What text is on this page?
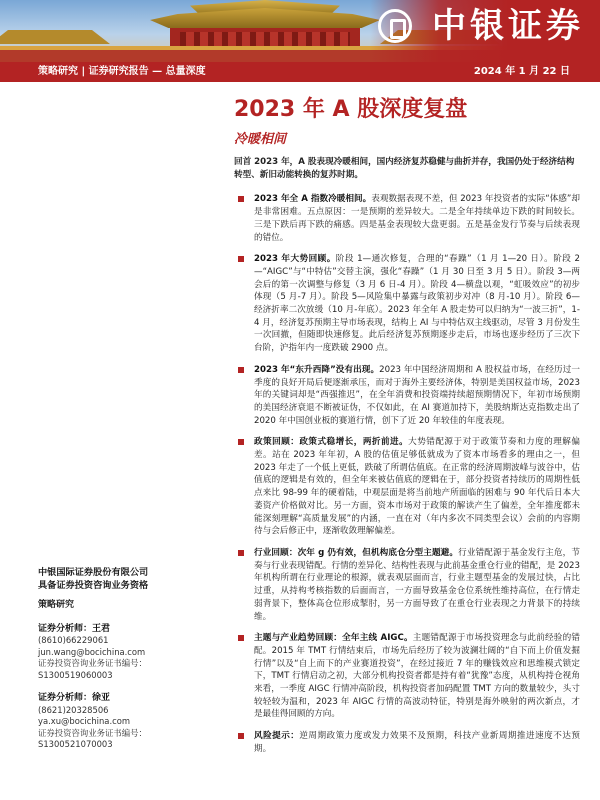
中银证券
策略研究 | 证券研究报告 — 总量深度	2024 年 1 月 22 日
2023 年 A 股深度复盘
冷暖相间
回首 2023 年，A 股表现冷暖相间，国内经济复苏稳健与曲折并存，我国仍处于经济结构转型、新旧动能转换的复苏时期。
2023 年全 A 指数冷暖相间。表观数据表现不差，但 2023 年投资者的实际“体感”却是非常困难。五点原因：一是预期的差异较大。二是全年持续单边下跌的时间较长。三是下跌后再下跌的痛感。四是基金表现较大盘更弱。五是基金发行节奏与后续表现的错位。
2023 年大势回顾。阶段 1—通次修复，合理的“春躁”（1 月 1—20 日）。阶段 2—“AIGC”与“中特估”交替主演，强化“春躁”（1 月 30 日至 3 月 5 日）。阶段 3—两会后的第一次调整与修复（3 月 6 日-4 月）。阶段 4—横盘以观，“虹吸效应”的初步体现（5 月-7 月）。阶段 5—风险集中暴露与政策初步对冲（8 月-10 月）。阶段 6—经济折率二次放缓（10 月-年底）。2023 年全年 A 股走势可以归纳为“一波三折”，1-4 月，经济复苏预期主导市场表现，结构上 AI 与中特估双主线驱动，尽管 3 月份发生一次回撤，但随即快速修复。此后经济复苏预期逐步走后，市场也逐步经历了三次下台阶，沪指年内一度跌破 2900 点。
2023 年“东升西降”没有出现。2023 年中国经济周期和 A 股权益市场，在经历过一季度的良好开局后便逐渐承压，而对于海外主要经济体，特别是美国权益市场，2023 年的关键词却是“西强推迟”，在全年消费和投资端持续超预期情况下，年初市场预期的美国经济衰退不断被证伪，不仅如此，在 AI 赛道加持下，美股纳斯达克指数走出了 2020 年中国创业板的赛道行情，创下了近 20 年较佳的年度表现。
政策回顾：政策式稳增长，两折前进。大势错配源于对于政策节奏和力度的理解偏差。站在 2023 年年初，A 股的估值足够低就成为了资本市场看多的理由之一，但 2023 年走了一个低上更低，跌破了所谓估值底。在正常的经济周期波峰与波谷中，估值底的逻辑是有效的，但全年来被估值底的逻辑在于，部分投资者持续历的周期性低点来比 98-99 年的硬着陆，中观层面是将当前地产所面临的困难与 90 年代后日本大萎资产价格做对比。另一方面，资本市场对于政策的解读产生了偏差，全年推度都未能深刻理解“高质量发展”的内涵，一直在对（年内多次不同类型会议）会前的内容期待与会后修正中，逐渐收敛理解偏差。
行业回顾：次年 g 仍有效，但机构底仓分型主题避。行业错配源于基金发行主危，节奏与行业表现错配。行情的差异化、结构性表现与此前基金重仓行业的错配，是 2023 年机构所谓在行业理论的根源，就表观层面而言，行业主题型基金的发展过快，占比过重，从持构考核指数的后面而言，一方面导致基金仓位系统性维持高位，在行情走弱背景下，整体高仓位形成掣肘，另一方面导致了在重仓行业表现之力背景下的持续维。
主题与产业趋势回顾：全年主线 AIGC。主题错配源于市场投资理念与此前经验的错配。2015 年 TMT 行情结束后，市场先后经历了较为波澜壮阔的“自下而上价值发掘行情”以及“自上而下的产业赛道投资”，在经过接近 7 年的赚钱效应和思维模式锁定下，TMT 行情启动之初，大部分机构投资者都是持有着“犹豫”态度，从机构持仓视角来看，一季度 AIGC 行情冲高阶段，机构投资者加码配置 TMT 方向的数量较少，头寸较轻较为温和，2023 年 AIGC 行情的高波动特征，特别是海外映射的两次新点，才是最佳得回顾的方向。
风险提示：逆周期政策力度或发力效果不及预期，科技产业新周期推进速度不达预期。
中银国际证券股份有限公司
具备证券投资咨询业务资格
策略研究
证券分析师：王君
(8610)66229061
jun.wang@bocichina.com
证券投资咨询业务证书编号：S1300519060003
证券分析师：徐亚
(8621)20328506
ya.xu@bocichina.com
证券投资咨询业务证书编号：S1300521070003
